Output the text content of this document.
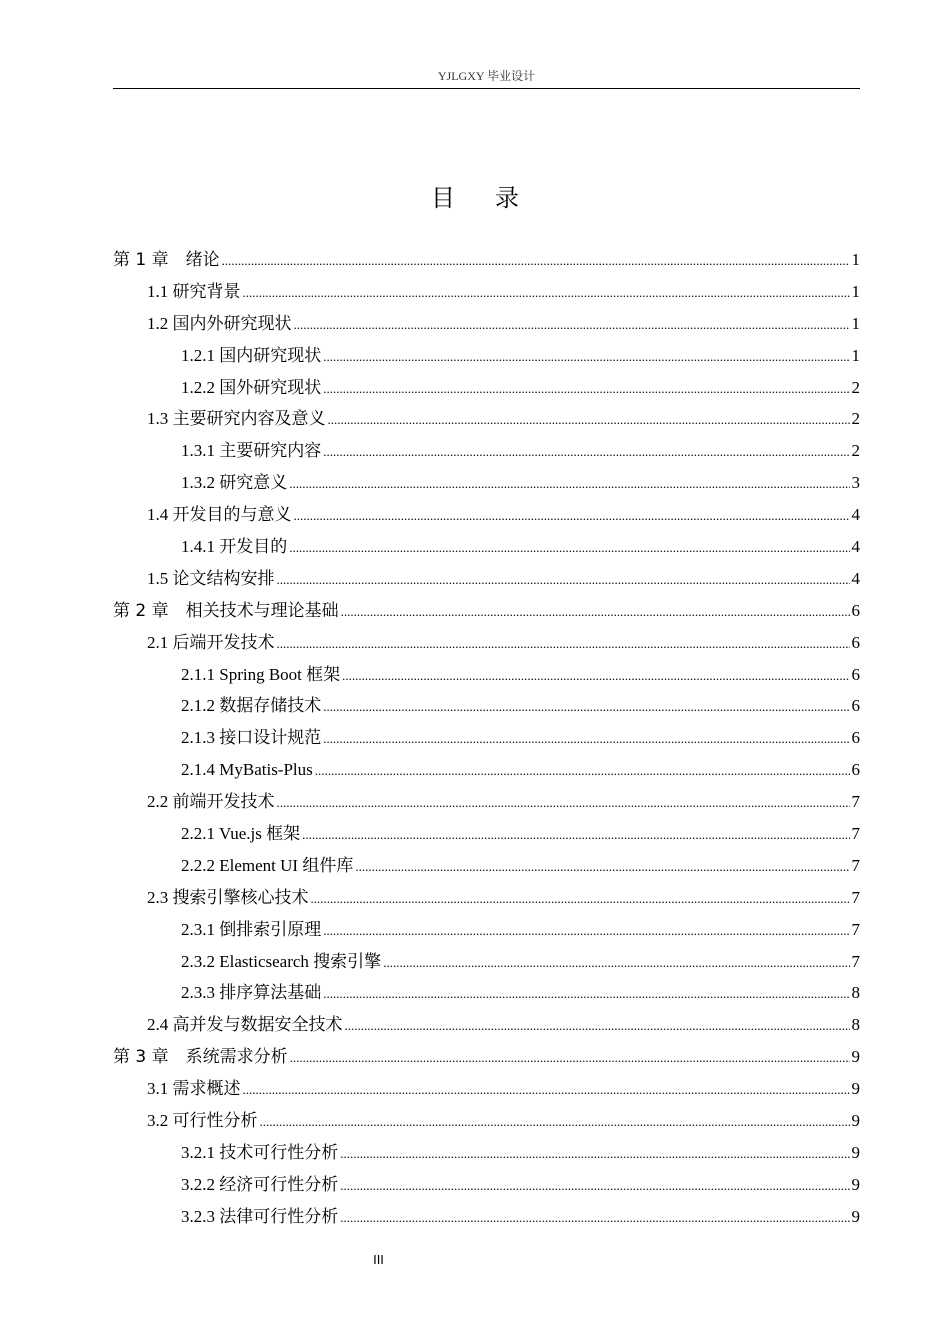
YJLGXY 毕业设计
目录
第 1 章　绪论 .....	1
1.1 研究背景 .....	1
1.2 国内外研究现状 .....	1
1.2.1 国内研究现状 .....	1
1.2.2 国外研究现状 .....	2
1.3 主要研究内容及意义 .....	2
1.3.1 主要研究内容 .....	2
1.3.2 研究意义 .....	3
1.4 开发目的与意义 .....	4
1.4.1 开发目的 .....	4
1.5 论文结构安排 .....	4
第 2 章　相关技术与理论基础 .....	6
2.1 后端开发技术 .....	6
2.1.1 Spring Boot 框架 .....	6
2.1.2 数据存储技术 .....	6
2.1.3 接口设计规范 .....	6
2.1.4 MyBatis-Plus .....	6
2.2 前端开发技术 .....	7
2.2.1 Vue.js 框架 .....	7
2.2.2 Element UI 组件库 .....	7
2.3 搜索引擎核心技术 .....	7
2.3.1 倒排索引原理 .....	7
2.3.2 Elasticsearch 搜索引擎 .....	7
2.3.3 排序算法基础 .....	8
2.4 高并发与数据安全技术 .....	8
第 3 章　系统需求分析 .....	9
3.1 需求概述 .....	9
3.2 可行性分析 .....	9
3.2.1 技术可行性分析 .....	9
3.2.2 经济可行性分析 .....	9
3.2.3 法律可行性分析 .....	9
III
